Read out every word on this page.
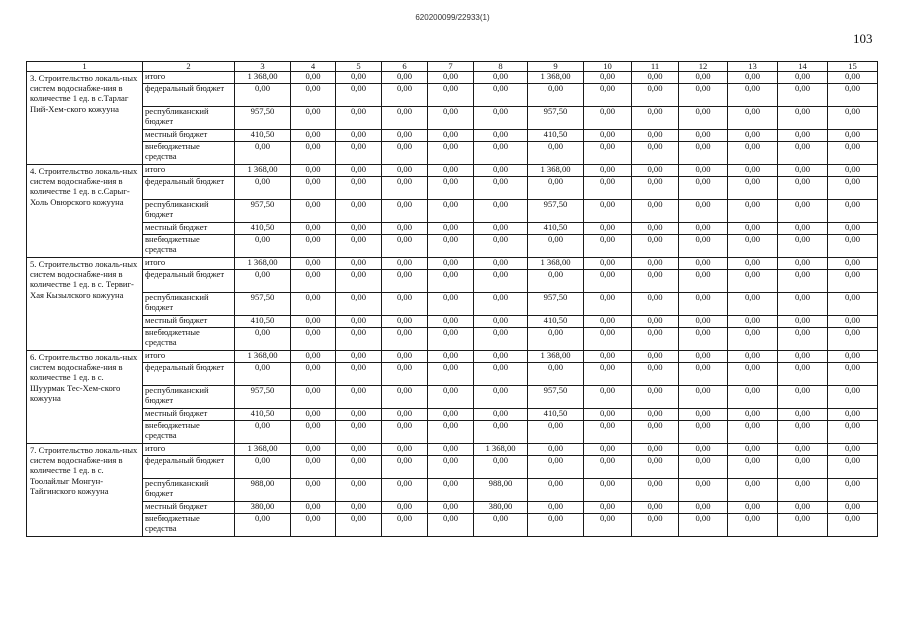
620200099/22933(1)
103
1	2	3	4	5	6	7	8	9	10	11	12	13	14	15
3. Строительство локаль-ных систем водоснабже-ния в количестве 1 ед. в с.Тарлаг Пий-Хем-ского кожууна	итого	1 368,00	0,00	0,00	0,00	0,00	0,00	1 368,00	0,00	0,00	0,00	0,00	0,00	0,00
	федеральный бюджет	0,00	0,00	0,00	0,00	0,00	0,00	0,00	0,00	0,00	0,00	0,00	0,00	0,00
	республиканский бюджет	957,50	0,00	0,00	0,00	0,00	0,00	957,50	0,00	0,00	0,00	0,00	0,00	0,00
	местный бюджет	410,50	0,00	0,00	0,00	0,00	0,00	410,50	0,00	0,00	0,00	0,00	0,00	0,00
	внебюджетные средства	0,00	0,00	0,00	0,00	0,00	0,00	0,00	0,00	0,00	0,00	0,00	0,00	0,00
4. Строительство локаль-ных систем водоснабже-ния в количестве 1 ед. в с.Сарыг-Холь Овюрского кожууна	итого	1 368,00	0,00	0,00	0,00	0,00	0,00	1 368,00	0,00	0,00	0,00	0,00	0,00	0,00
	федеральный бюджет	0,00	0,00	0,00	0,00	0,00	0,00	0,00	0,00	0,00	0,00	0,00	0,00	0,00
	республиканский бюджет	957,50	0,00	0,00	0,00	0,00	0,00	957,50	0,00	0,00	0,00	0,00	0,00	0,00
	местный бюджет	410,50	0,00	0,00	0,00	0,00	0,00	410,50	0,00	0,00	0,00	0,00	0,00	0,00
	внебюджетные средства	0,00	0,00	0,00	0,00	0,00	0,00	0,00	0,00	0,00	0,00	0,00	0,00	0,00
5. Строительство локаль-ных систем водоснабже-ния в количестве 1 ед. в с. Тервиг-Хая Кызылского кожууна	итого	1 368,00	0,00	0,00	0,00	0,00	0,00	1 368,00	0,00	0,00	0,00	0,00	0,00	0,00
	федеральный бюджет	0,00	0,00	0,00	0,00	0,00	0,00	0,00	0,00	0,00	0,00	0,00	0,00	0,00
	республиканский бюджет	957,50	0,00	0,00	0,00	0,00	0,00	957,50	0,00	0,00	0,00	0,00	0,00	0,00
	местный бюджет	410,50	0,00	0,00	0,00	0,00	0,00	410,50	0,00	0,00	0,00	0,00	0,00	0,00
	внебюджетные средства	0,00	0,00	0,00	0,00	0,00	0,00	0,00	0,00	0,00	0,00	0,00	0,00	0,00
6. Строительство локаль-ных систем водоснабже-ния в количестве 1 ед. в с. Шуурмак Тес-Хем-ского кожууна	итого	1 368,00	0,00	0,00	0,00	0,00	0,00	1 368,00	0,00	0,00	0,00	0,00	0,00	0,00
	федеральный бюджет	0,00	0,00	0,00	0,00	0,00	0,00	0,00	0,00	0,00	0,00	0,00	0,00	0,00
	республиканский бюджет	957,50	0,00	0,00	0,00	0,00	0,00	957,50	0,00	0,00	0,00	0,00	0,00	0,00
	местный бюджет	410,50	0,00	0,00	0,00	0,00	0,00	410,50	0,00	0,00	0,00	0,00	0,00	0,00
	внебюджетные средства	0,00	0,00	0,00	0,00	0,00	0,00	0,00	0,00	0,00	0,00	0,00	0,00	0,00
7. Строительство локаль-ных систем водоснабже-ния в количестве 1 ед. в с. Тоолайлыг Монгун-Тайгинского кожууна	итого	1 368,00	0,00	0,00	0,00	0,00	1 368,00	0,00	0,00	0,00	0,00	0,00	0,00	0,00
	федеральный бюджет	0,00	0,00	0,00	0,00	0,00	0,00	0,00	0,00	0,00	0,00	0,00	0,00	0,00
	республиканский бюджет	988,00	0,00	0,00	0,00	0,00	988,00	0,00	0,00	0,00	0,00	0,00	0,00	0,00
	местный бюджет	380,00	0,00	0,00	0,00	0,00	380,00	0,00	0,00	0,00	0,00	0,00	0,00	0,00
	внебюджетные средства	0,00	0,00	0,00	0,00	0,00	0,00	0,00	0,00	0,00	0,00	0,00	0,00	0,00
